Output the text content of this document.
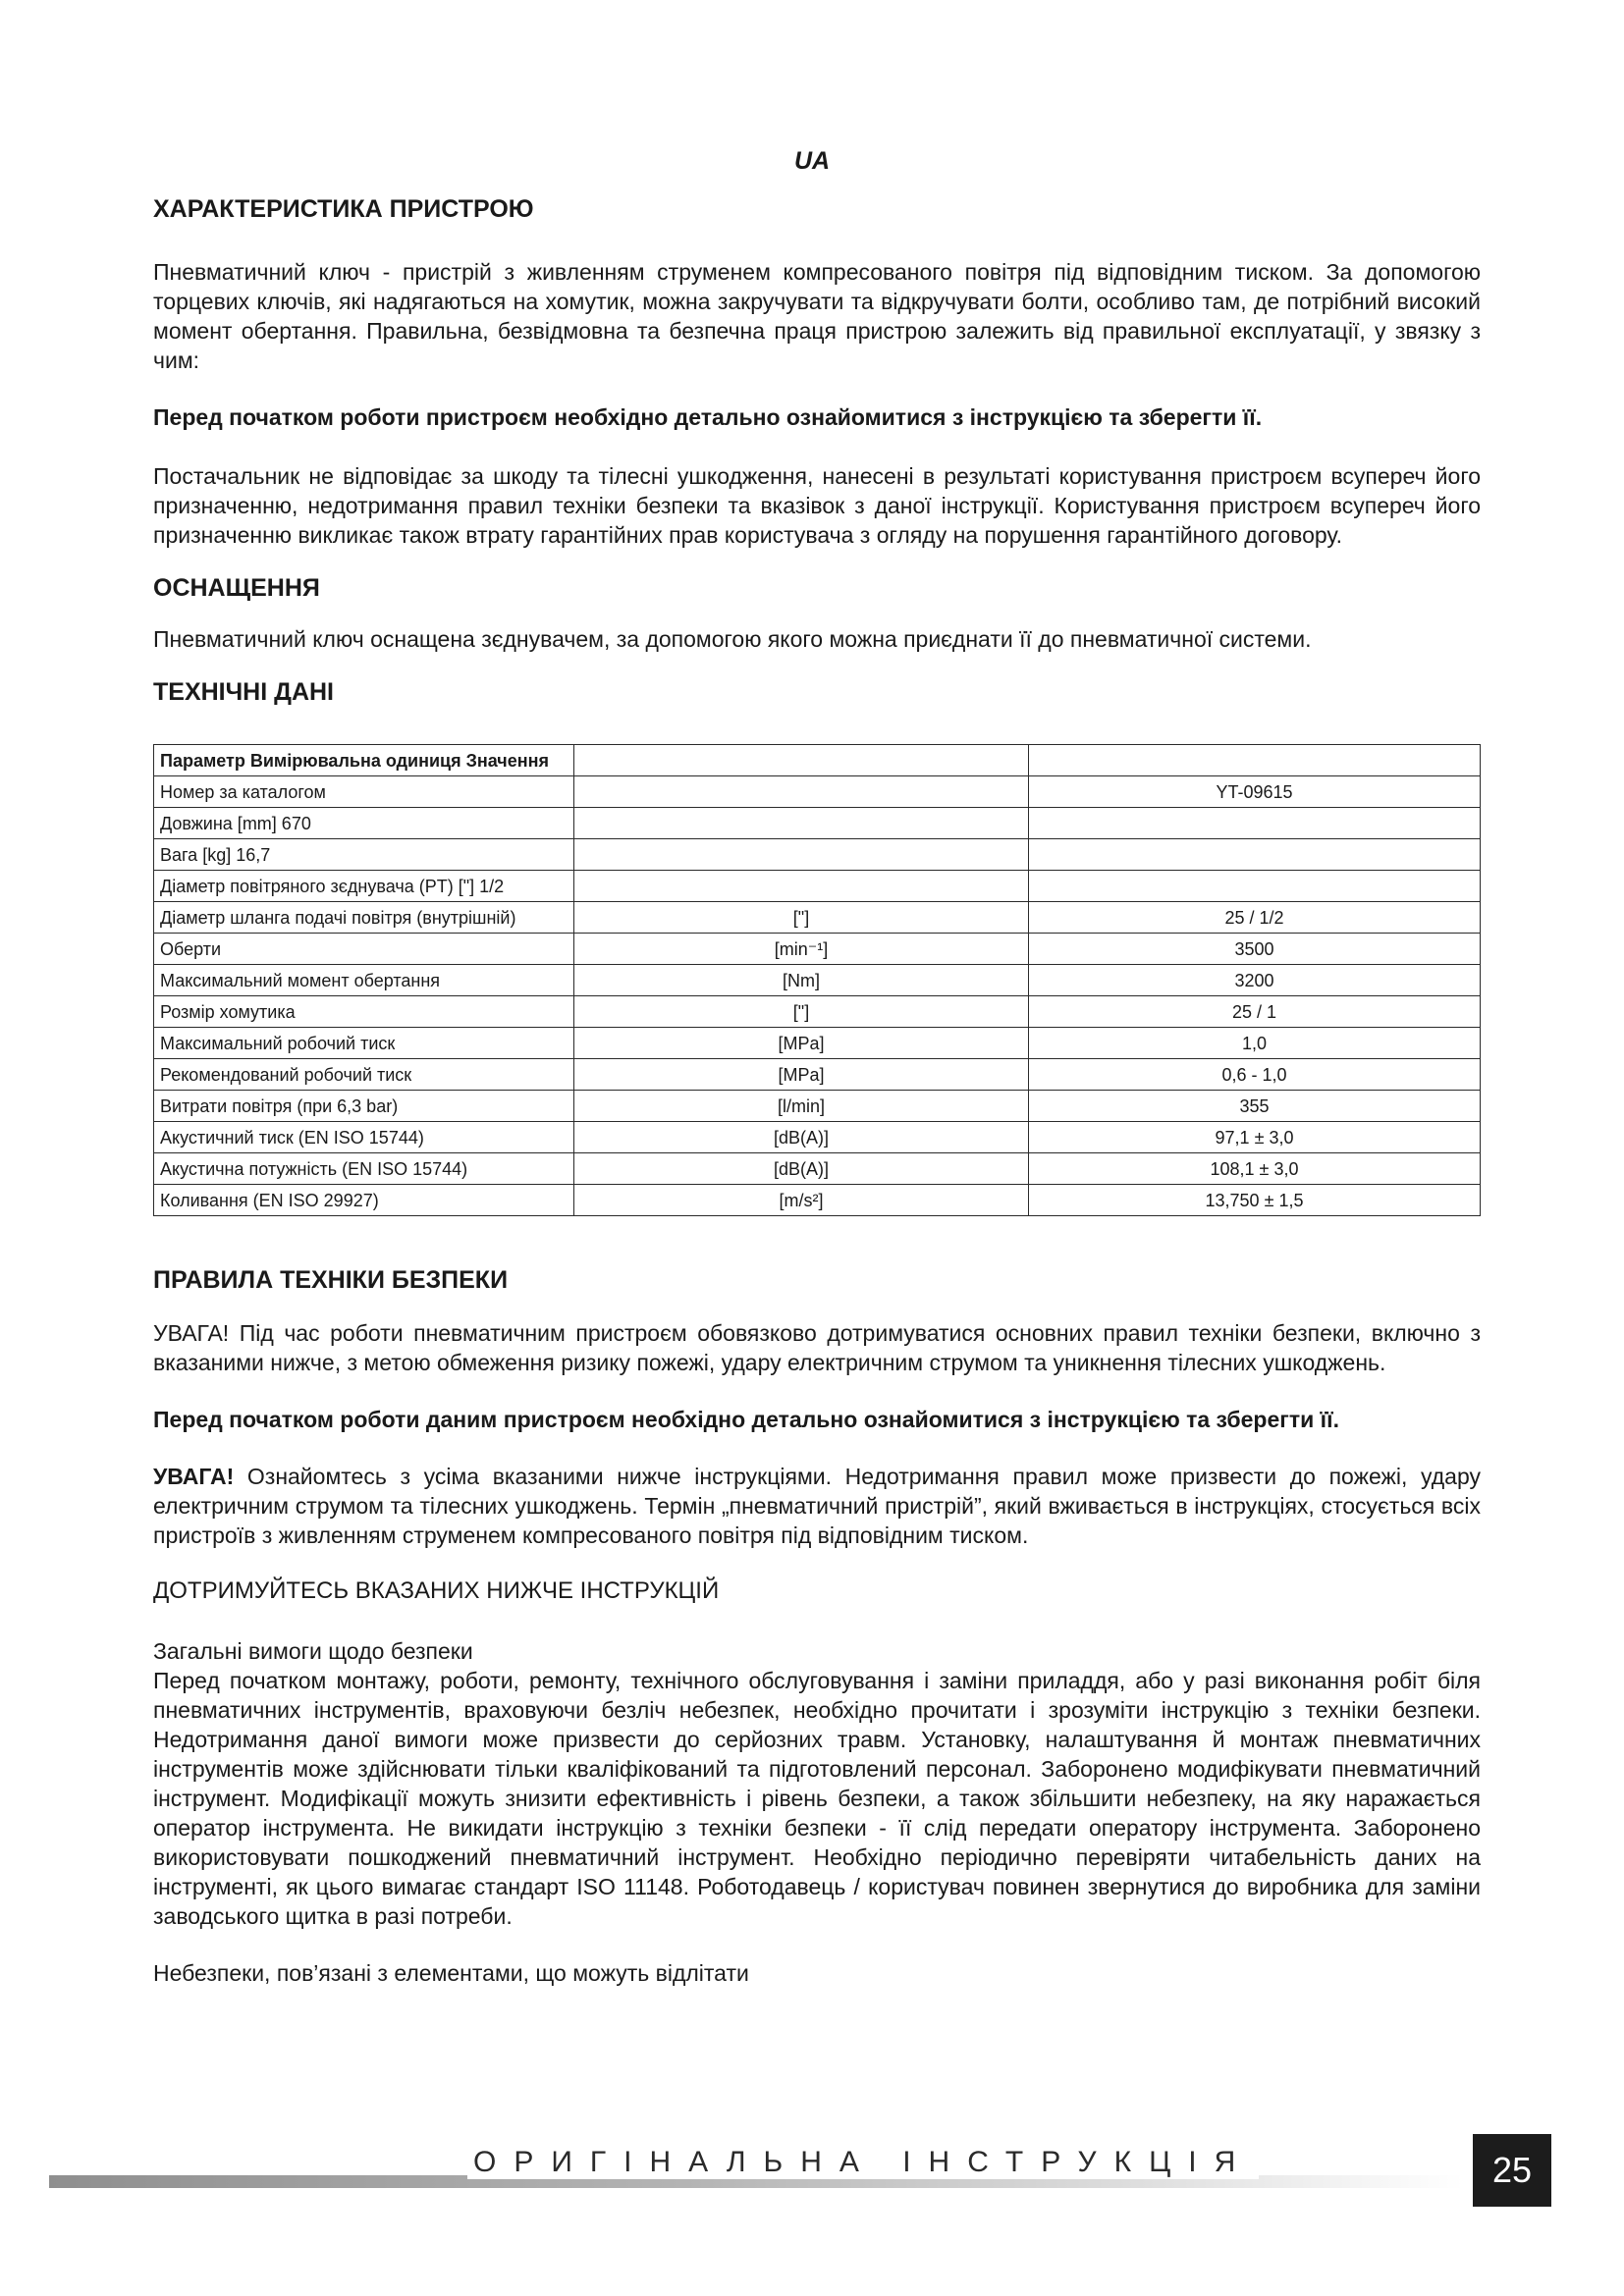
UA
ХАРАКТЕРИСТИКА ПРИСТРОЮ

Пневматичний ключ - пристрій з живленням струменем компресованого повітря під відповідним тиском. За допомогою торцевих ключів, які надягаються на хомутик, можна закручувати та відкручувати болти, особливо там, де потрібний високий момент обертання. Правильна, безвідмовна та безпечна праця пристрою залежить від правильної експлуатації, у звязку з чим:

Перед початком роботи пристроєм необхідно детально ознайомитися з інструкцією та зберегти її.

Постачальник не відповідає за шкоду та тілесні ушкодження, нанесені в результаті користування пристроєм всупереч його призначенню, недотримання правил техніки безпеки та вказівок з даної інструкції. Користування пристроєм всупереч його призначенню викликає також втрату гарантійних прав користувача з огляду на порушення гарантійного договору.

ОСНАЩЕННЯ

Пневматичний ключ оснащена зєднувачем, за допомогою якого можна приєднати її до пневматичної системи.

ТЕХНІЧНІ ДАНІ
Параметр Вимірювальна одиниця Значення		
Номер за каталогом		YT-09615
Довжина [mm] 670		
Вага [kg] 16,7		
Діаметр повітряного зєднувача (PT) ["] 1/2		
Діаметр шланга подачі повітря (внутрішній)	["]	25 / 1/2
Оберти	[min⁻¹]	3500
Максимальний момент обертання	[Nm]	3200
Розмір хомутика	["]	25 / 1
Максимальний робочий тиск	[MPa]	1,0
Рекомендований робочий тиск	[MPa]	0,6 - 1,0
Витрати повітря (при 6,3 bar)	[l/min]	355
Акустичний тиск (EN ISO 15744)	[dB(A)]	97,1 ± 3,0
Акустична потужність (EN ISO 15744)	[dB(A)]	108,1 ± 3,0
Коливання (EN ISO 29927)	[m/s²]	13,750 ± 1,5
ПРАВИЛА ТЕХНІКИ БЕЗПЕКИ

УВАГА! Під час роботи пневматичним пристроєм обовязково дотримуватися основних правил техніки безпеки, включно з вказаними нижче, з метою обмеження ризику пожежі, удару електричним струмом та уникнення тілесних ушкоджень.

Перед початком роботи даним пристроєм необхідно детально ознайомитися з інструкцією та зберегти її.

УВАГА! Ознайомтесь з усіма вказаними нижче інструкціями. Недотримання правил може призвести до пожежі, удару електричним струмом та тілесних ушкоджень. Термін „пневматичний пристрій”, який вживається в інструкціях, стосується всіх пристроїв з живленням струменем компресованого повітря під відповідним тиском.

ДОТРИМУЙТЕСЬ ВКАЗАНИХ НИЖЧЕ ІНСТРУКЦІЙ

Загальні вимоги щодо безпеки

Перед початком монтажу, роботи, ремонту, технічного обслуговування і заміни приладдя, або у разі виконання робіт біля пневматичних інструментів, враховуючи безліч небезпек, необхідно прочитати і зрозуміти інструкцію з техніки безпеки. Недотримання даної вимоги може призвести до серйозних травм. Установку, налаштування й монтаж пневматичних інструментів може здійснювати тільки кваліфікований та підготовлений персонал. Заборонено модифікувати пневматичний інструмент. Модифікації можуть знизити ефективність і рівень безпеки, а також збільшити небезпеку, на яку наражається оператор інструмента. Не викидати інструкцію з техніки безпеки - її слід передати оператору інструмента. Заборонено використовувати пошкоджений пневматичний інструмент. Необхідно періодично перевіряти читабельність даних на інструменті, як цього вимагає стандарт ISO 11148. Роботодавець / користувач повинен звернутися до виробника для заміни заводського щитка в разі потреби.

Небезпеки, пов’язані з елементами, що можуть відлітати

ОРИГІНАЛЬНА ІНСТРУКЦІЯ	25
